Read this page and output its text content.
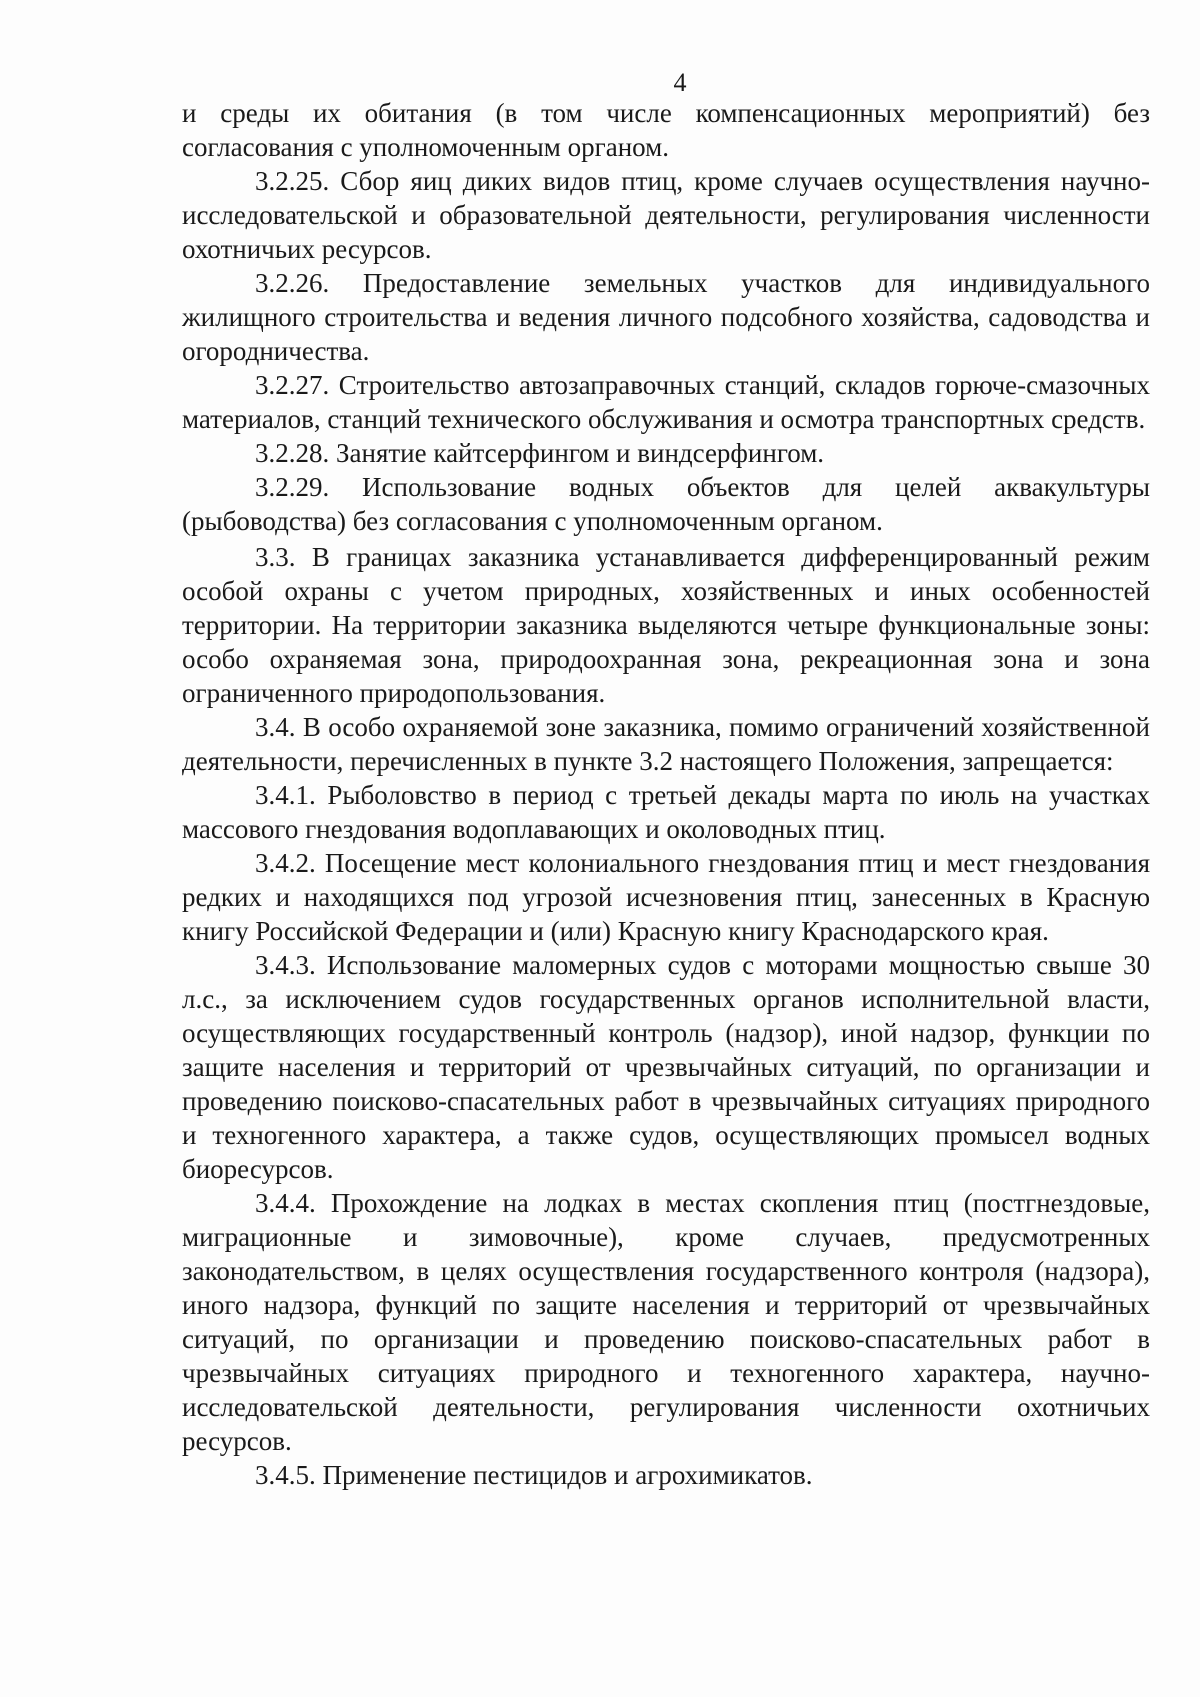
4

и среды их обитания (в том числе компенсационных мероприятий) без согласования с уполномоченным органом.

3.2.25. Сбор яиц диких видов птиц, кроме случаев осуществления научно-исследовательской и образовательной деятельности, регулирования численности охотничьих ресурсов.

3.2.26. Предоставление земельных участков для индивидуального жилищного строительства и ведения личного подсобного хозяйства, садоводства и огородничества.

3.2.27. Строительство автозаправочных станций, складов горюче-смазочных материалов, станций технического обслуживания и осмотра транспортных средств.

3.2.28. Занятие кайтсерфингом и виндсерфингом.

3.2.29. Использование водных объектов для целей аквакультуры (рыбоводства) без согласования с уполномоченным органом.

3.3. В границах заказника устанавливается дифференцированный режим особой охраны с учетом природных, хозяйственных и иных особенностей территории. На территории заказника выделяются четыре функциональные зоны: особо охраняемая зона, природоохранная зона, рекреационная зона и зона ограниченного природопользования.

3.4. В особо охраняемой зоне заказника, помимо ограничений хозяйственной деятельности, перечисленных в пункте 3.2 настоящего Положения, запрещается:

3.4.1. Рыболовство в период с третьей декады марта по июль на участках массового гнездования водоплавающих и околоводных птиц.

3.4.2. Посещение мест колониального гнездования птиц и мест гнездования редких и находящихся под угрозой исчезновения птиц, занесенных в Красную книгу Российской Федерации и (или) Красную книгу Краснодарского края.

3.4.3. Использование маломерных судов с моторами мощностью свыше 30 л.с., за исключением судов государственных органов исполнительной власти, осуществляющих государственный контроль (надзор), иной надзор, функции по защите населения и территорий от чрезвычайных ситуаций, по организации и проведению поисково-спасательных работ в чрезвычайных ситуациях природного и техногенного характера, а также судов, осуществляющих промысел водных биоресурсов.

3.4.4. Прохождение на лодках в местах скопления птиц (постгнездовые, миграционные и зимовочные), кроме случаев, предусмотренных законодательством, в целях осуществления государственного контроля (надзора), иного надзора, функций по защите населения и территорий от чрезвычайных ситуаций, по организации и проведению поисково-спасательных работ в чрезвычайных ситуациях природного и техногенного характера, научно-исследовательской деятельности, регулирования численности охотничьих ресурсов.

3.4.5. Применение пестицидов и агрохимикатов.
